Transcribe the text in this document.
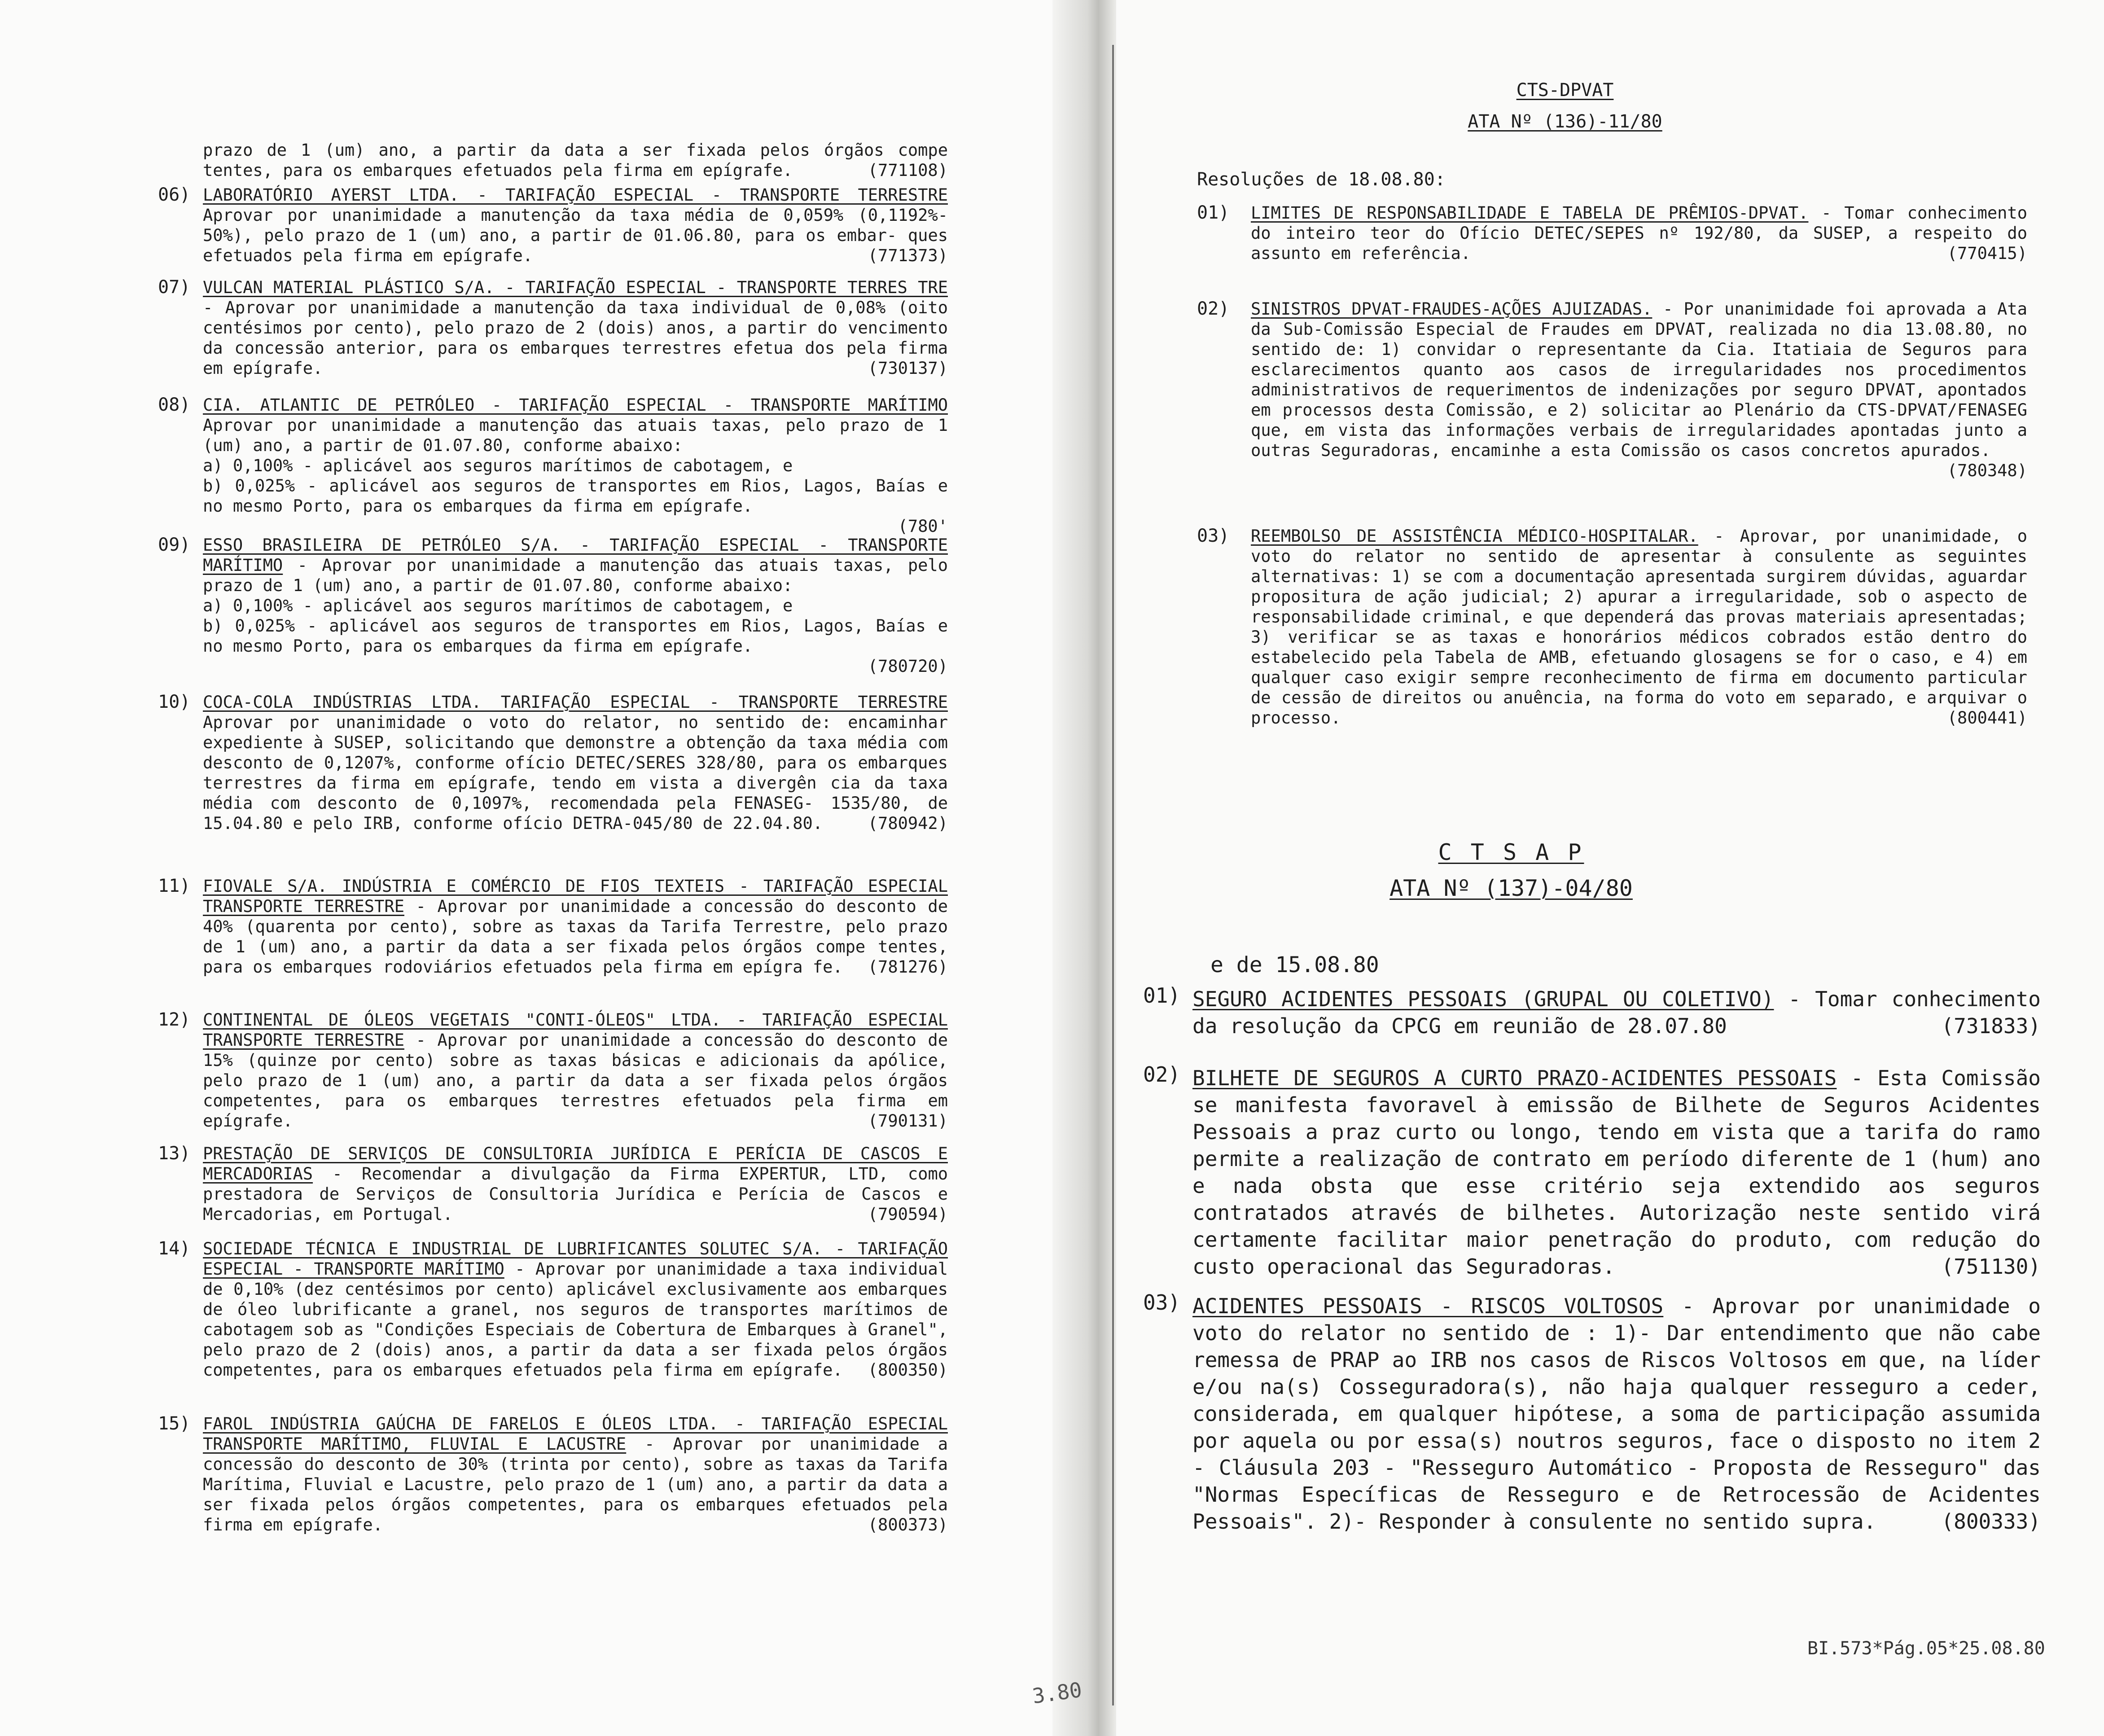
prazo de 1 (um) ano, a partir da data a ser fixada pelos órgãos compe tentes, para os embarques efetuados pela firma em epígrafe.	(771108)
06) LABORATÓRIO AYERST LTDA. - TARIFAÇÃO ESPECIAL - TRANSPORTE TERRESTRE Aprovar por unanimidade a manutenção da taxa média de 0,059% (0,1192%- 50%), pelo prazo de 1 (um) ano, a partir de 01.06.80, para os embar- ques efetuados pela firma em epígrafe.	(771373)
07) VULCAN MATERIAL PLÁSTICO S/A. - TARIFAÇÃO ESPECIAL - TRANSPORTE TERRES TRE - Aprovar por unanimidade a manutenção da taxa individual de 0,08% (oito centésimos por cento), pelo prazo de 2 (dois) anos, a partir do vencimento da concessão anterior, para os embarques terrestres efetua dos pela firma em epígrafe.	(730137)
08) CIA. ATLANTIC DE PETRÓLEO - TARIFAÇÃO ESPECIAL - TRANSPORTE MARÍTIMO Aprovar por unanimidade a manutenção das atuais taxas, pelo prazo de 1 (um) ano, a partir de 01.07.80, conforme abaixo:
a) 0,100% - aplicável aos seguros marítimos de cabotagem, e
b) 0,025% - aplicável aos seguros de transportes em Rios, Lagos, Baías e no mesmo Porto, para os embarques da firma em epígrafe.
(780'
09) ESSO BRASILEIRA DE PETRÓLEO S/A. - TARIFAÇÃO ESPECIAL - TRANSPORTE MARÍTIMO - Aprovar por unanimidade a manutenção das atuais taxas, pelo prazo de 1 (um) ano, a partir de 01.07.80, conforme abaixo:
a) 0,100% - aplicável aos seguros marítimos de cabotagem, e
b) 0,025% - aplicável aos seguros de transportes em Rios, Lagos, Baías e no mesmo Porto, para os embarques da firma em epígrafe.
(780720)
10) COCA-COLA INDÚSTRIAS LTDA. TARIFAÇÃO ESPECIAL - TRANSPORTE TERRESTRE Aprovar por unanimidade o voto do relator, no sentido de: encaminhar expediente à SUSEP, solicitando que demonstre a obtenção da taxa média com desconto de 0,1207%, conforme ofício DETEC/SERES 328/80, para os embarques terrestres da firma em epígrafe, tendo em vista a divergên cia da taxa média com desconto de 0,1097%, recomendada pela FENASEG- 1535/80, de 15.04.80 e pelo IRB, conforme ofício DETRA-045/80 de 22.04.80.	(780942)
11) FIOVALE S/A. INDÚSTRIA E COMÉRCIO DE FIOS TEXTEIS - TARIFAÇÃO ESPECIAL TRANSPORTE TERRESTRE - Aprovar por unanimidade a concessão do desconto de 40% (quarenta por cento), sobre as taxas da Tarifa Terrestre, pelo prazo de 1 (um) ano, a partir da data a ser fixada pelos órgãos compe tentes, para os embarques rodoviários efetuados pela firma em epígra fe. (781276)
12) CONTINENTAL DE ÓLEOS VEGETAIS "CONTI-ÓLEOS" LTDA. - TARIFAÇÃO ESPECIAL TRANSPORTE TERRESTRE - Aprovar por unanimidade a concessão do desconto de 15% (quinze por cento) sobre as taxas básicas e adicionais da apólice, pelo prazo de 1 (um) ano, a partir da data a ser fixada pelos órgãos competentes, para os embarques terrestres efetuados pela firma em epígrafe.	(790131)
13) PRESTAÇÃO DE SERVIÇOS DE CONSULTORIA JURÍDICA E PERÍCIA DE CASCOS E MERCADORIAS - Recomendar a divulgação da Firma EXPERTUR, LTD, como prestadora de Serviços de Consultoria Jurídica e Perícia de Cascos e Mercadorias, em Portugal.	(790594)
14) SOCIEDADE TÉCNICA E INDUSTRIAL DE LUBRIFICANTES SOLUTEC S/A. - TARIFAÇÃO ESPECIAL - TRANSPORTE MARÍTIMO - Aprovar por unanimidade a taxa individual de 0,10% (dez centésimos por cento) aplicável exclusivamente aos embarques de óleo lubrificante a granel, nos seguros de transportes marítimos de cabotagem sob as "Condições Especiais de Cobertura de Embarques à Granel", pelo prazo de 2 (dois) anos, a partir da data a ser fixada pelos órgãos competentes, para os embarques efetuados pela firma em epígrafe. (800350)
15) FAROL INDÚSTRIA GAÚCHA DE FARELOS E ÓLEOS LTDA. - TARIFAÇÃO ESPECIAL TRANSPORTE MARÍTIMO, FLUVIAL E LACUSTRE - Aprovar por unanimidade a concessão do desconto de 30% (trinta por cento), sobre as taxas da Tarifa Marítima, Fluvial e Lacustre, pelo prazo de 1 (um) ano, a partir da data a ser fixada pelos órgãos competentes, para os embarques efetuados pela firma em epígrafe.	(800373)
3.80
CTS-DPVAT
ATA Nº (136)-11/80
Resoluções de 18.08.80:
01) LIMITES DE RESPONSABILIDADE E TABELA DE PRÊMIOS-DPVAT. - Tomar conhecimento do inteiro teor do Ofício DETEC/SEPES nº 192/80, da SUSEP, a respeito do assunto em referência.	(770415)
02) SINISTROS DPVAT-FRAUDES-AÇÕES AJUIZADAS. - Por unanimidade foi aprovada a Ata da Sub-Comissão Especial de Fraudes em DPVAT, realizada no dia 13.08.80, no sentido de: 1) convidar o representante da Cia. Itatiaia de Seguros para esclarecimentos quanto aos casos de irregularidades nos procedimentos administrativos de requerimentos de indenizações por seguro DPVAT, apontados em processos desta Comissão, e 2) solicitar ao Plenário da CTS-DPVAT/FENASEG que, em vista das informações verbais de irregularidades apontadas junto a outras Seguradoras, encaminhe a esta Comissão os casos concretos apurados.
(780348)
03) REEMBOLSO DE ASSISTÊNCIA MÉDICO-HOSPITALAR. - Aprovar, por unanimidade, o voto do relator no sentido de apresentar à consulente as seguintes alternativas: 1) se com a documentação apresentada surgirem dúvidas, aguardar propositura de ação judicial; 2) apurar a irregularidade, sob o aspecto de responsabilidade criminal, e que dependerá das provas materiais apresentadas; 3) verificar se as taxas e honorários médicos cobrados estão dentro do estabelecido pela Tabela de AMB, efetuando glosagens se for o caso, e 4) em qualquer caso exigir sempre reconhecimento de firma em documento particular de cessão de direitos ou anuência, na forma do voto em separado, e arquivar o processo.	(800441)
C T S A P
ATA Nº (137)-04/80
e de 15.08.80
01) SEGURO ACIDENTES PESSOAIS (GRUPAL OU COLETIVO) - Tomar conhecimento da resolução da CPCG em reunião de 28.07.80	(731833)
02) BILHETE DE SEGUROS A CURTO PRAZO-ACIDENTES PESSOAIS - Esta Comissão se manifesta favoravel à emissão de Bilhete de Seguros Acidentes Pessoais a praz curto ou longo, tendo em vista que a tarifa do ramo permite a realização de contrato em período diferente de 1 (hum) ano e nada obsta que esse critério seja extendido aos seguros contratados através de bilhetes. Autorização neste sentido virá certamente facilitar maior penetração do produto, com redução do custo operacional das Seguradoras.	(751130)
03) ACIDENTES PESSOAIS - RISCOS VOLTOSOS - Aprovar por unanimidade o voto do relator no sentido de : 1)- Dar entendimento que não cabe remessa de PRAP ao IRB nos casos de Riscos Voltosos em que, na líder e/ou na(s) Cosseguradora(s), não haja qualquer resseguro a ceder, considerada, em qualquer hipótese, a soma de participação assumida por aquela ou por essa(s) noutros seguros, face o disposto no item 2 - Cláusula 203 - "Resseguro Automático - Proposta de Resseguro" das "Normas Específicas de Resseguro e de Retrocessão de Acidentes Pessoais". 2)- Responder à consulente no sentido supra.	(800333)
BI.573*Pág.05*25.08.80
